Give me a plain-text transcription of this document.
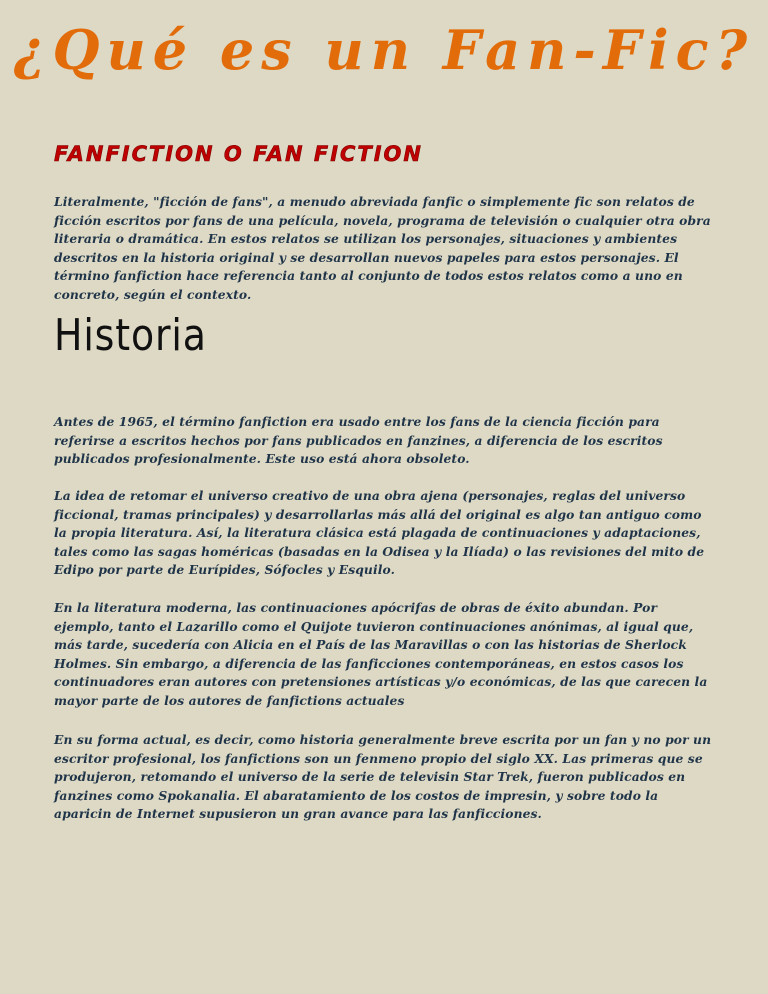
¿Qué es un Fan-Fic?
FANFICTION O FAN FICTION

Literalmente, "ficción de fans", a menudo abreviada fanfic o simplemente fic son relatos de ficción escritos por fans de una película, novela, programa de televisión o cualquier otra obra literaria o dramática. En estos relatos se utilizan los personajes, situaciones y ambientes descritos en la historia original y se desarrollan nuevos papeles para estos personajes. El término fanfiction hace referencia tanto al conjunto de todos estos relatos como a uno en concreto, según el contexto.

Historia

Antes de 1965, el término fanfiction era usado entre los fans de la ciencia ficción para referirse a escritos hechos por fans publicados en fanzines, a diferencia de los escritos publicados profesionalmente. Este uso está ahora obsoleto.

La idea de retomar el universo creativo de una obra ajena (personajes, reglas del universo ficcional, tramas principales) y desarrollarlas más allá del original es algo tan antiguo como la propia literatura. Así, la literatura clásica está plagada de continuaciones y adaptaciones, tales como las sagas homéricas (basadas en la Odisea y la Ilíada) o las revisiones del mito de Edipo por parte de Eurípides, Sófocles y Esquilo.

En la literatura moderna, las continuaciones apócrifas de obras de éxito abundan. Por ejemplo, tanto el Lazarillo como el Quijote tuvieron continuaciones anónimas, al igual que, más tarde, sucedería con Alicia en el País de las Maravillas o con las historias de Sherlock Holmes. Sin embargo, a diferencia de las fanficciones contemporáneas, en estos casos los continuadores eran autores con pretensiones artísticas y/o económicas, de las que carecen la mayor parte de los autores de fanfictions actuales

En su forma actual, es decir, como historia generalmente breve escrita por un fan y no por un escritor profesional, los fanfictions son un fenmeno propio del siglo XX. Las primeras que se produjeron, retomando el universo de la serie de televisin Star Trek, fueron publicados en fanzines como Spokanalia. El abaratamiento de los costos de impresin, y sobre todo la aparicin de Internet supusieron un gran avance para las fanficciones.
